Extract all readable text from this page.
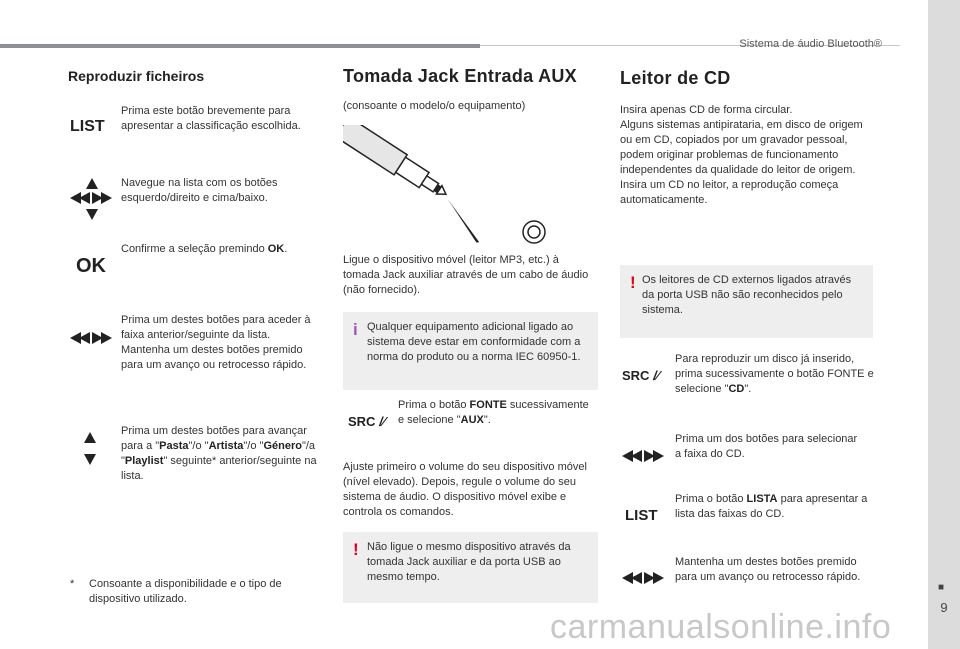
Sistema de áudio Bluetooth®
■
9
Reproduzir ficheiros
LIST
Prima este botão brevemente para apresentar a classificação escolhida.
Navegue na lista com os botões esquerdo/direito e cima/baixo.
OK
Confirme a seleção premindo OK.
Prima um destes botões para aceder à faixa anterior/seguinte da lista.
Mantenha um destes botões premido para um avanço ou retrocesso rápido.
Prima um destes botões para avançar para a "Pasta"/o "Artista"/o "Género"/a "Playlist" seguinte* anterior/seguinte na lista.
* Consoante a disponibilidade e o tipo de dispositivo utilizado.
Tomada Jack Entrada AUX
(consoante o modelo/o equipamento)
Ligue o dispositivo móvel (leitor MP3, etc.) à tomada Jack auxiliar através de um cabo de áudio (não fornecido).
i Qualquer equipamento adicional ligado ao sistema deve estar em conformidade com a norma do produto ou a norma IEC 60950-1.
SRC /∕
Prima o botão FONTE sucessivamente e selecione "AUX".
Ajuste primeiro o volume do seu dispositivo móvel (nível elevado). Depois, regule o volume do seu sistema de áudio. O dispositivo móvel exibe e controla os comandos.
! Não ligue o mesmo dispositivo através da tomada Jack auxiliar e da porta USB ao mesmo tempo.
Leitor de CD
Insira apenas CD de forma circular.
Alguns sistemas antipirataria, em disco de origem ou em CD, copiados por um gravador pessoal, podem originar problemas de funcionamento independentes da qualidade do leitor de origem.
Insira um CD no leitor, a reprodução começa automaticamente.
! Os leitores de CD externos ligados através da porta USB não são reconhecidos pelo sistema.
SRC /∕
Para reproduzir um disco já inserido, prima sucessivamente o botão FONTE e selecione "CD".
Prima um dos botões para selecionar a faixa do CD.
LIST
Prima o botão LISTA para apresentar a lista das faixas do CD.
Mantenha um destes botões premido para um avanço ou retrocesso rápido.
carmanualsonline.info
